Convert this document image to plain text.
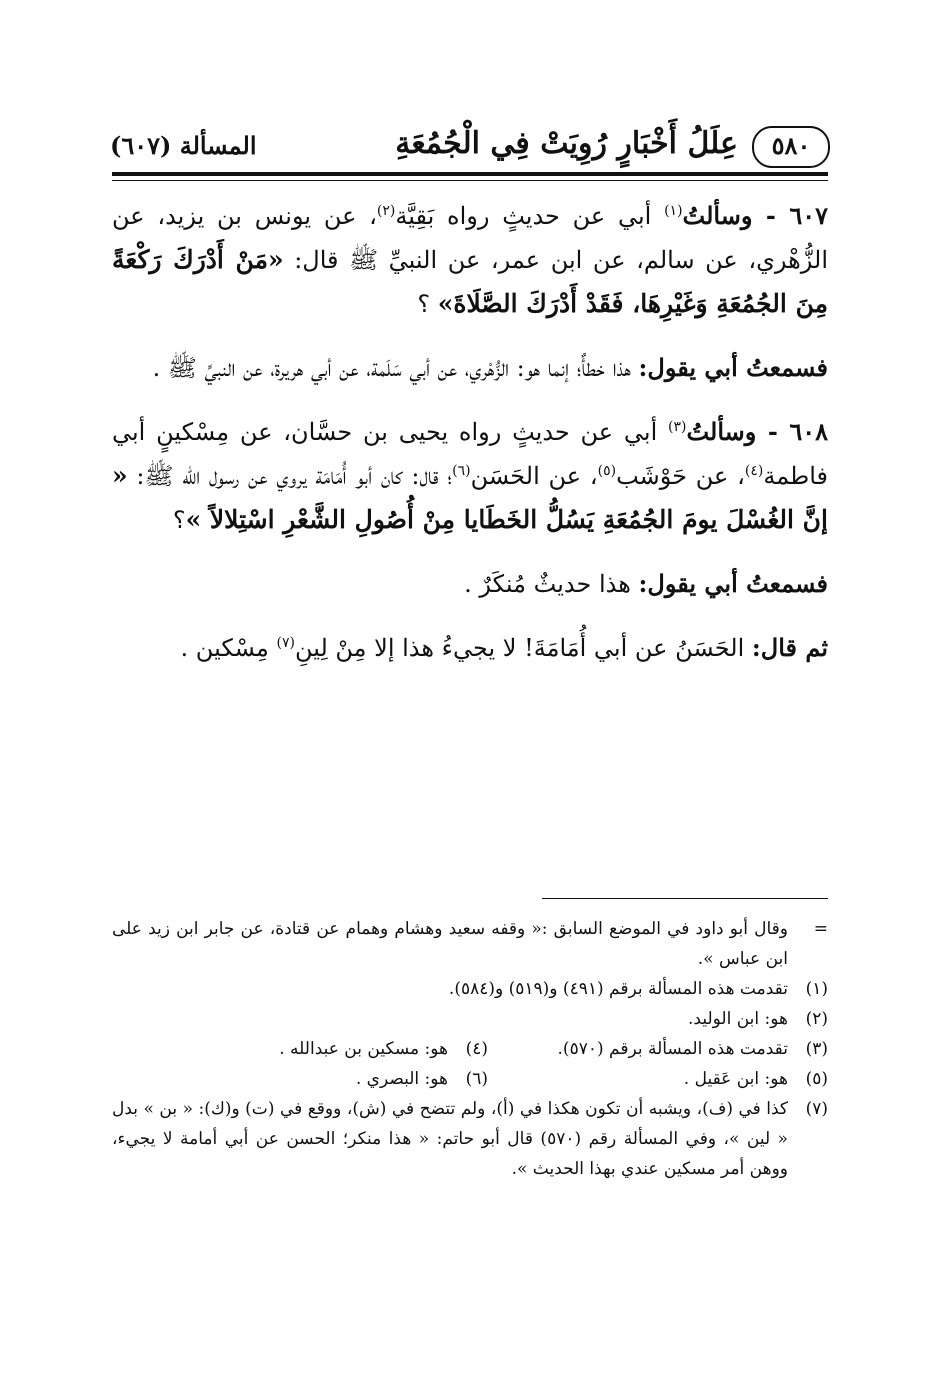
٥٨٠
عِلَلُ أَخْبَارٍ رُوِيَتْ فِي الْجُمُعَةِ
المسألة (٦٠٧)

٦٠٧ - وسألتُ$^{(١)}$ أبي عن حديثٍ رواه بَقِيَّة$^{(٢)}$، عن يونس بن يزيد، عن الزُّهْري، عن سالم، عن ابن عمر، عن النبيِّ ﷺ قال: «مَنْ أَدْرَكَ رَكْعَةً مِنَ الجُمُعَةِ وَغَيْرِهَا، فَقَدْ أَدْرَكَ الصَّلَاةَ» ؟

فسمعتُ أبي يقول: هذا خطأٌ؛ إنما هو: الزُّهْري، عن أبي سَلَمة، عن أبي هريرة، عن النبيِّ ﷺ .

٦٠٨ - وسألتُ$^{(٣)}$ أبي عن حديثٍ رواه يحيى بن حسَّان، عن مِسْكينٍ أبي فاطمة$^{(٤)}$، عن حَوْشَب$^{(٥)}$، عن الحَسَن$^{(٦)}$؛ قال: كان أبو أُمَامَة يروي عن رسول الله ﷺ: « إنَّ الغُسْلَ يومَ الجُمُعَةِ يَسُلُّ الخَطَايا مِنْ أُصُولِ الشَّعْرِ اسْتِلالاً »؟

فسمعتُ أبي يقول: هذا حديثٌ مُنكَرٌ .

ثم قال: الحَسَنُ عن أبي أُمَامَةَ! لا يجيءُ هذا إلا مِنْ لِينِ$^{(٧)}$ مِسْكين .

=
وقال أبو داود في الموضع السابق :« وقفه سعيد وهشام وهمام عن قتادة، عن جابر ابن زيد على ابن عباس ».
(١)
تقدمت هذه المسألة برقم (٤٩١) و(٥١٩) و(٥٨٤).
(٢)
هو: ابن الوليد.
(٣)
تقدمت هذه المسألة برقم (٥٧٠).
(٤)
هو: مسكين بن عبدالله .
(٥)
هو: ابن عَقيل .
(٦)
هو: البصري .
(٧)
كذا في (ف)، ويشبه أن تكون هكذا في (أ)، ولم تتضح في (ش)، ووقع في (ت) و(ك): « بن » بدل « لين »، وفي المسألة رقم (٥٧٠) قال أبو حاتم: « هذا منكر؛ الحسن عن أبي أمامة لا يجيء، ووهن أمر مسكين عندي بهذا الحديث ».
